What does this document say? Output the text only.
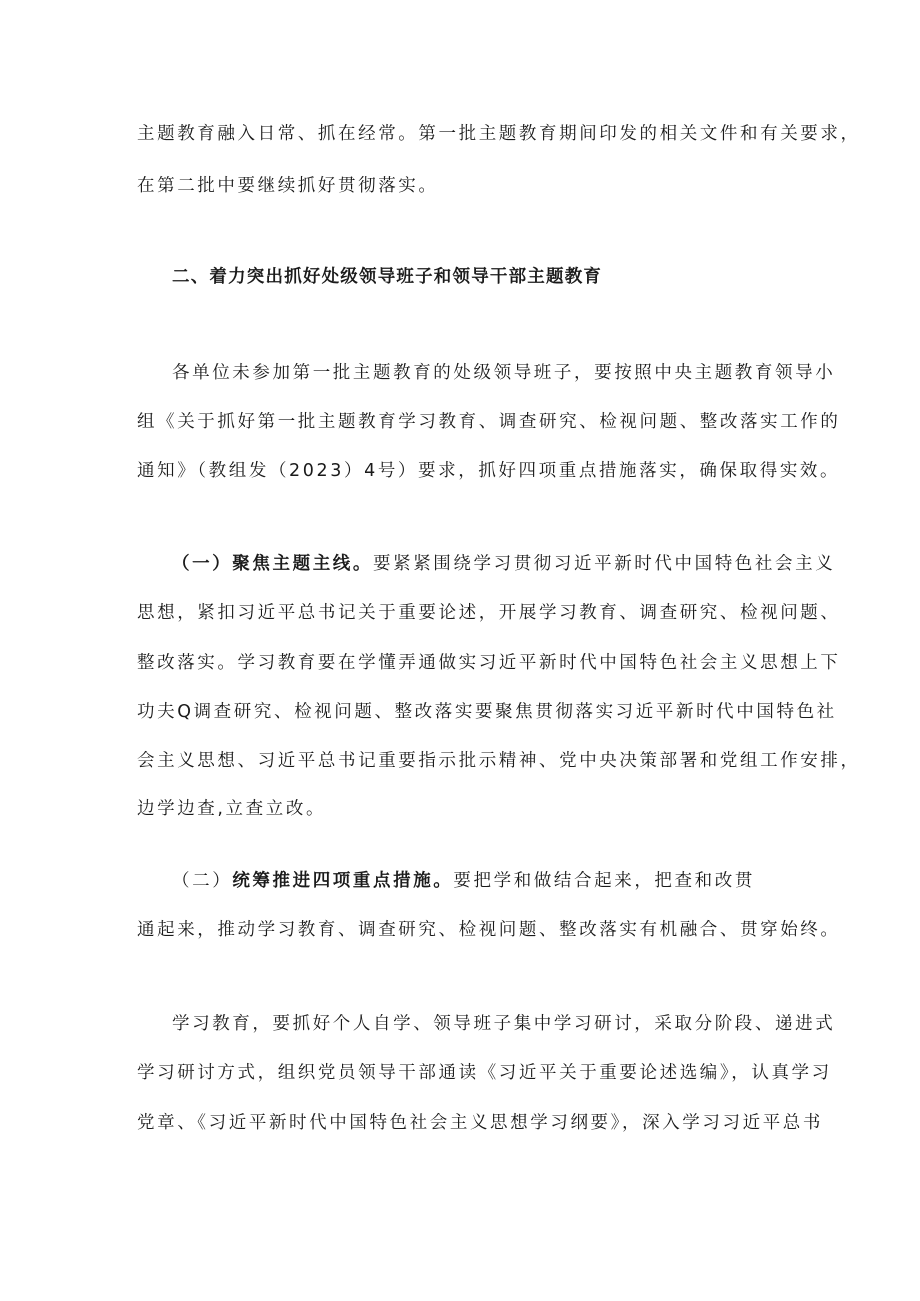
主题教育融入日常、抓在经常。第一批主题教育期间印发的相关文件和有关要求，
在第二批中要继续抓好贯彻落实。
二、着力突出抓好处级领导班子和领导干部主题教育
各单位未参加第一批主题教育的处级领导班子，要按照中央主题教育领导小
组《关于抓好第一批主题教育学习教育、调查研究、检视问题、整改落实工作的
通知》（教组发（2023）4号）要求，抓好四项重点措施落实，确保取得实效。
（一）聚焦主题主线。要紧紧围绕学习贯彻习近平新时代中国特色社会主义
思想，紧扣习近平总书记关于重要论述，开展学习教育、调查研究、检视问题、
整改落实。学习教育要在学懂弄通做实习近平新时代中国特色社会主义思想上下
功夫Q调查研究、检视问题、整改落实要聚焦贯彻落实习近平新时代中国特色社
会主义思想、习近平总书记重要指示批示精神、党中央决策部署和党组工作安排，
边学边查,立查立改。
（二）统筹推进四项重点措施。要把学和做结合起来，把查和改贯
通起来，推动学习教育、调查研究、检视问题、整改落实有机融合、贯穿始终。
学习教育，要抓好个人自学、领导班子集中学习研讨，采取分阶段、递进式
学习研讨方式，组织党员领导干部通读《习近平关于重要论述选编》，认真学习
党章、《习近平新时代中国特色社会主义思想学习纲要》，深入学习习近平总书
